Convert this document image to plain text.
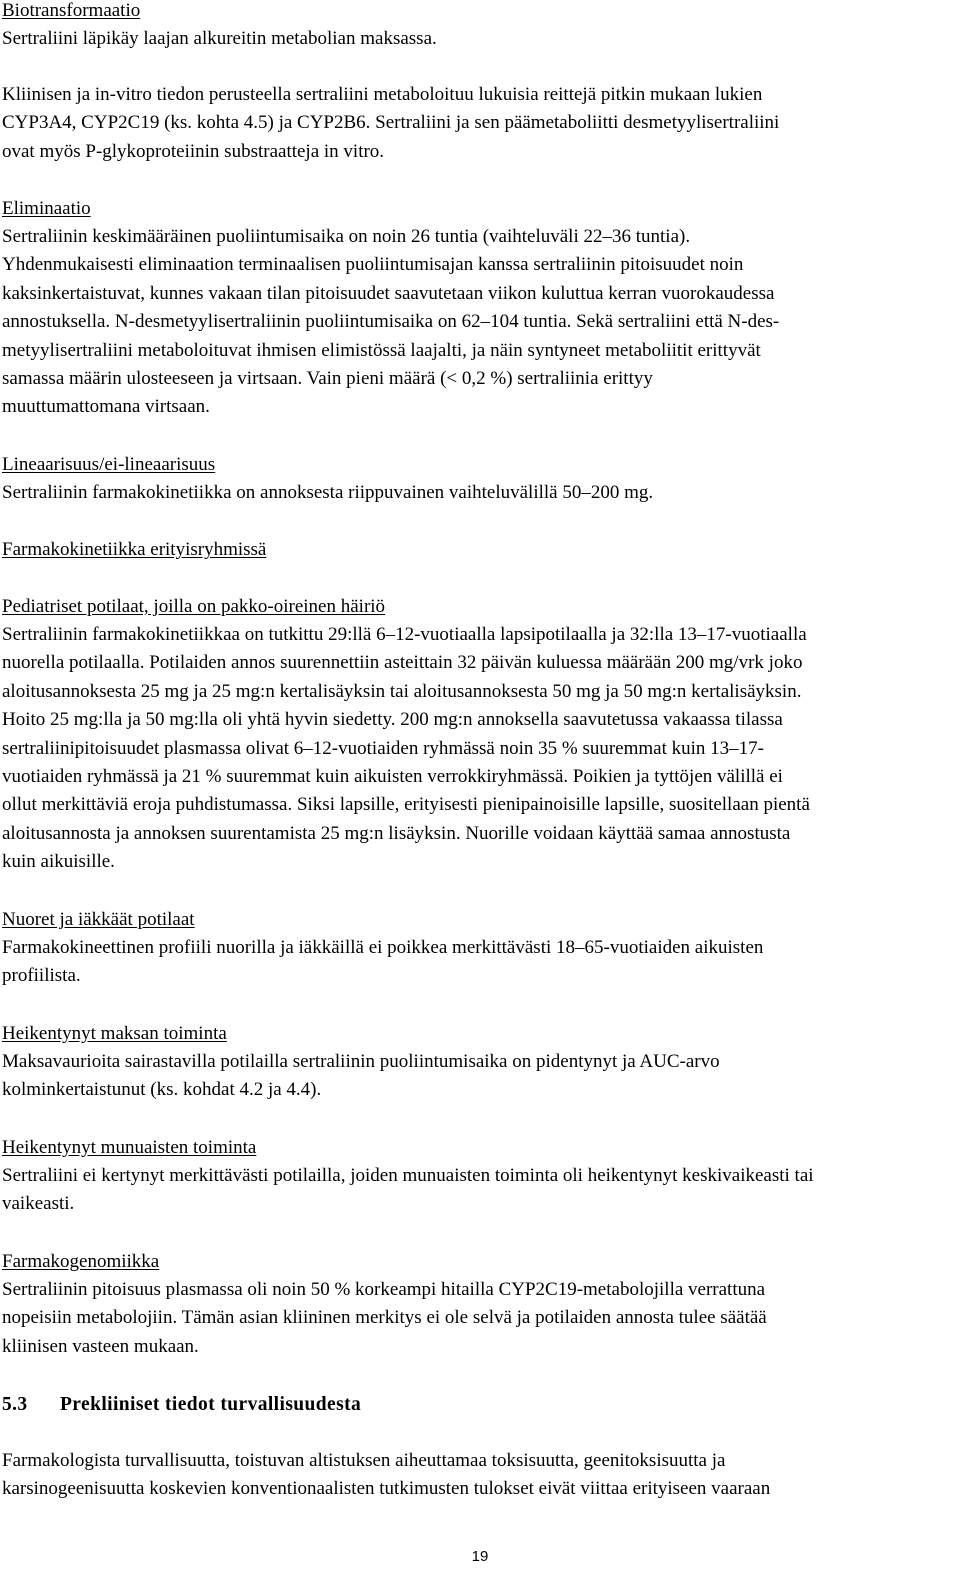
Biotransformaatio

Sertraliini läpikäy laajan alkureitin metabolian maksassa.

Kliinisen ja in-vitro tiedon perusteella sertraliini metaboloituu lukuisia reittejä pitkin mukaan lukien
CYP3A4, CYP2C19 (ks. kohta 4.5) ja CYP2B6. Sertraliini ja sen päämetaboliitti desmetyylisertraliini
ovat myös P-glykoproteiinin substraatteja in vitro.

Eliminaatio

Sertraliinin keskimääräinen puoliintumisaika on noin 26 tuntia (vaihteluväli 22–36 tuntia).
Yhdenmukaisesti eliminaation terminaalisen puoliintumisajan kanssa sertraliinin pitoisuudet noin
kaksinkertaistuvat, kunnes vakaan tilan pitoisuudet saavutetaan viikon kuluttua kerran vuorokaudessa
annostuksella. N-desmetyylisertraliinin puoliintumisaika on 62–104 tuntia. Sekä sertraliini että N-des-
metyylisertraliini metaboloituvat ihmisen elimistössä laajalti, ja näin syntyneet metaboliitit erittyvät
samassa määrin ulosteeseen ja virtsaan. Vain pieni määrä (< 0,2 %) sertraliinia erittyy
muuttumattomana virtsaan.

Lineaarisuus/ei-lineaarisuus

Sertraliinin farmakokinetiikka on annoksesta riippuvainen vaihteluvälillä 50–200 mg.

Farmakokinetiikka erityisryhmissä

Pediatriset potilaat, joilla on pakko-oireinen häiriö

Sertraliinin farmakokinetiikkaa on tutkittu 29:llä 6–12-vuotiaalla lapsipotilaalla ja 32:lla 13–17-vuotiaalla
nuorella potilaalla. Potilaiden annos suurennettiin asteittain 32 päivän kuluessa määrään 200 mg/vrk joko
aloitusannoksesta 25 mg ja 25 mg:n kertalisäyksin tai aloitusannoksesta 50 mg ja 50 mg:n kertalisäyksin.
Hoito 25 mg:lla ja 50 mg:lla oli yhtä hyvin siedetty. 200 mg:n annoksella saavutetussa vakaassa tilassa
sertraliinipitoisuudet plasmassa olivat 6–12-vuotiaiden ryhmässä noin 35 % suuremmat kuin 13–17-
vuotiaiden ryhmässä ja 21 % suuremmat kuin aikuisten verrokkiryhmässä. Poikien ja tyttöjen välillä ei
ollut merkittäviä eroja puhdistumassa. Siksi lapsille, erityisesti pienipainoisille lapsille, suositellaan pientä
aloitusannosta ja annoksen suurentamista 25 mg:n lisäyksin. Nuorille voidaan käyttää samaa annostusta
kuin aikuisille.

Nuoret ja iäkkäät potilaat

Farmakokineettinen profiili nuorilla ja iäkkäillä ei poikkea merkittävästi 18–65-vuotiaiden aikuisten
profiilista.

Heikentynyt maksan toiminta

Maksavaurioita sairastavilla potilailla sertraliinin puoliintumisaika on pidentynyt ja AUC-arvo
kolminkertaistunut (ks. kohdat 4.2 ja 4.4).

Heikentynyt munuaisten toiminta

Sertraliini ei kertynyt merkittävästi potilailla, joiden munuaisten toiminta oli heikentynyt keskivaikeasti tai
vaikeasti.

Farmakogenomiikka

Sertraliinin pitoisuus plasmassa oli noin 50 % korkeampi hitailla CYP2C19-metabolojilla verrattuna
nopeisiin metabolojiin. Tämän asian kliininen merkitys ei ole selvä ja potilaiden annosta tulee säätää
kliinisen vasteen mukaan.

5.3 Prekliiniset tiedot turvallisuudesta

Farmakologista turvallisuutta, toistuvan altistuksen aiheuttamaa toksisuutta, geenitoksisuutta ja
karsinogeenisuutta koskevien konventionaalisten tutkimusten tulokset eivät viittaa erityiseen vaaraan

19
